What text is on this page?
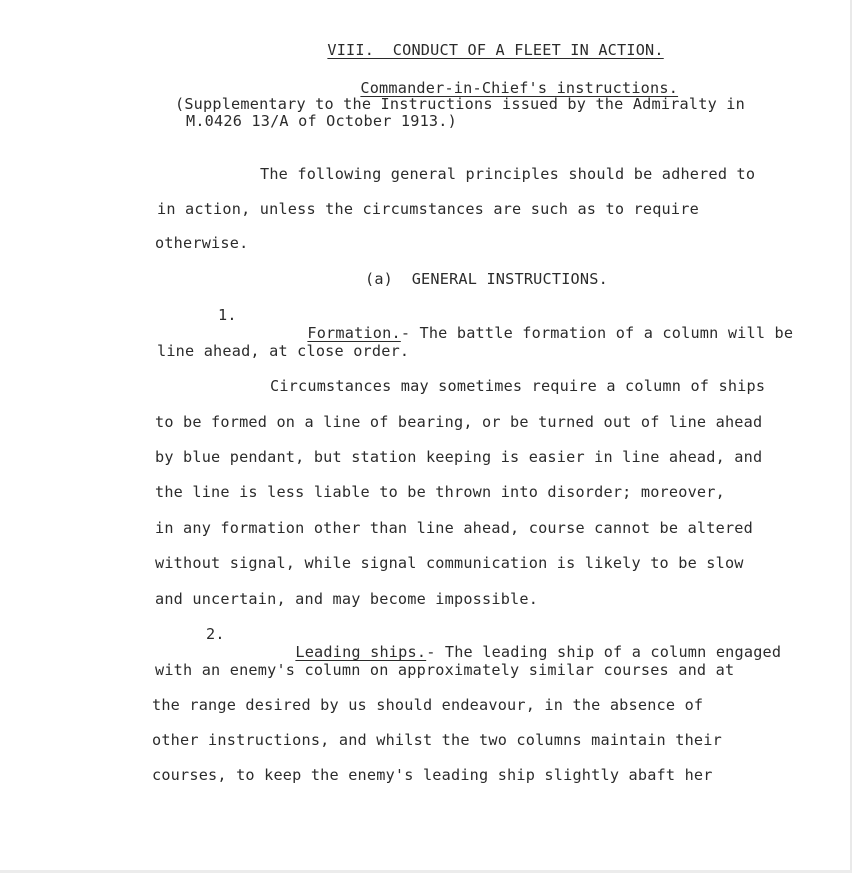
VIII.  CONDUCT OF A FLEET IN ACTION.

Commander-in-Chief's instructions.

(Supplementary to the Instructions issued by the Admiralty in
M.0426 13/A of October 1913.)
The following general principles should be adhered to
in action, unless the circumstances are such as to require
otherwise.
(a)  GENERAL INSTRUCTIONS.
1.

Formation.- The battle formation of a column will be

line ahead, at close order.
Circumstances may sometimes require a column of ships
to be formed on a line of bearing, or be turned out of line ahead
by blue pendant, but station keeping is easier in line ahead, and
the line is less liable to be thrown into disorder; moreover,
in any formation other than line ahead, course cannot be altered
without signal, while signal communication is likely to be slow
and uncertain, and may become impossible.
2.

Leading ships.- The leading ship of a column engaged

with an enemy's column on approximately similar courses and at
the range desired by us should endeavour, in the absence of
other instructions, and whilst the two columns maintain their
courses, to keep the enemy's leading ship slightly abaft her
